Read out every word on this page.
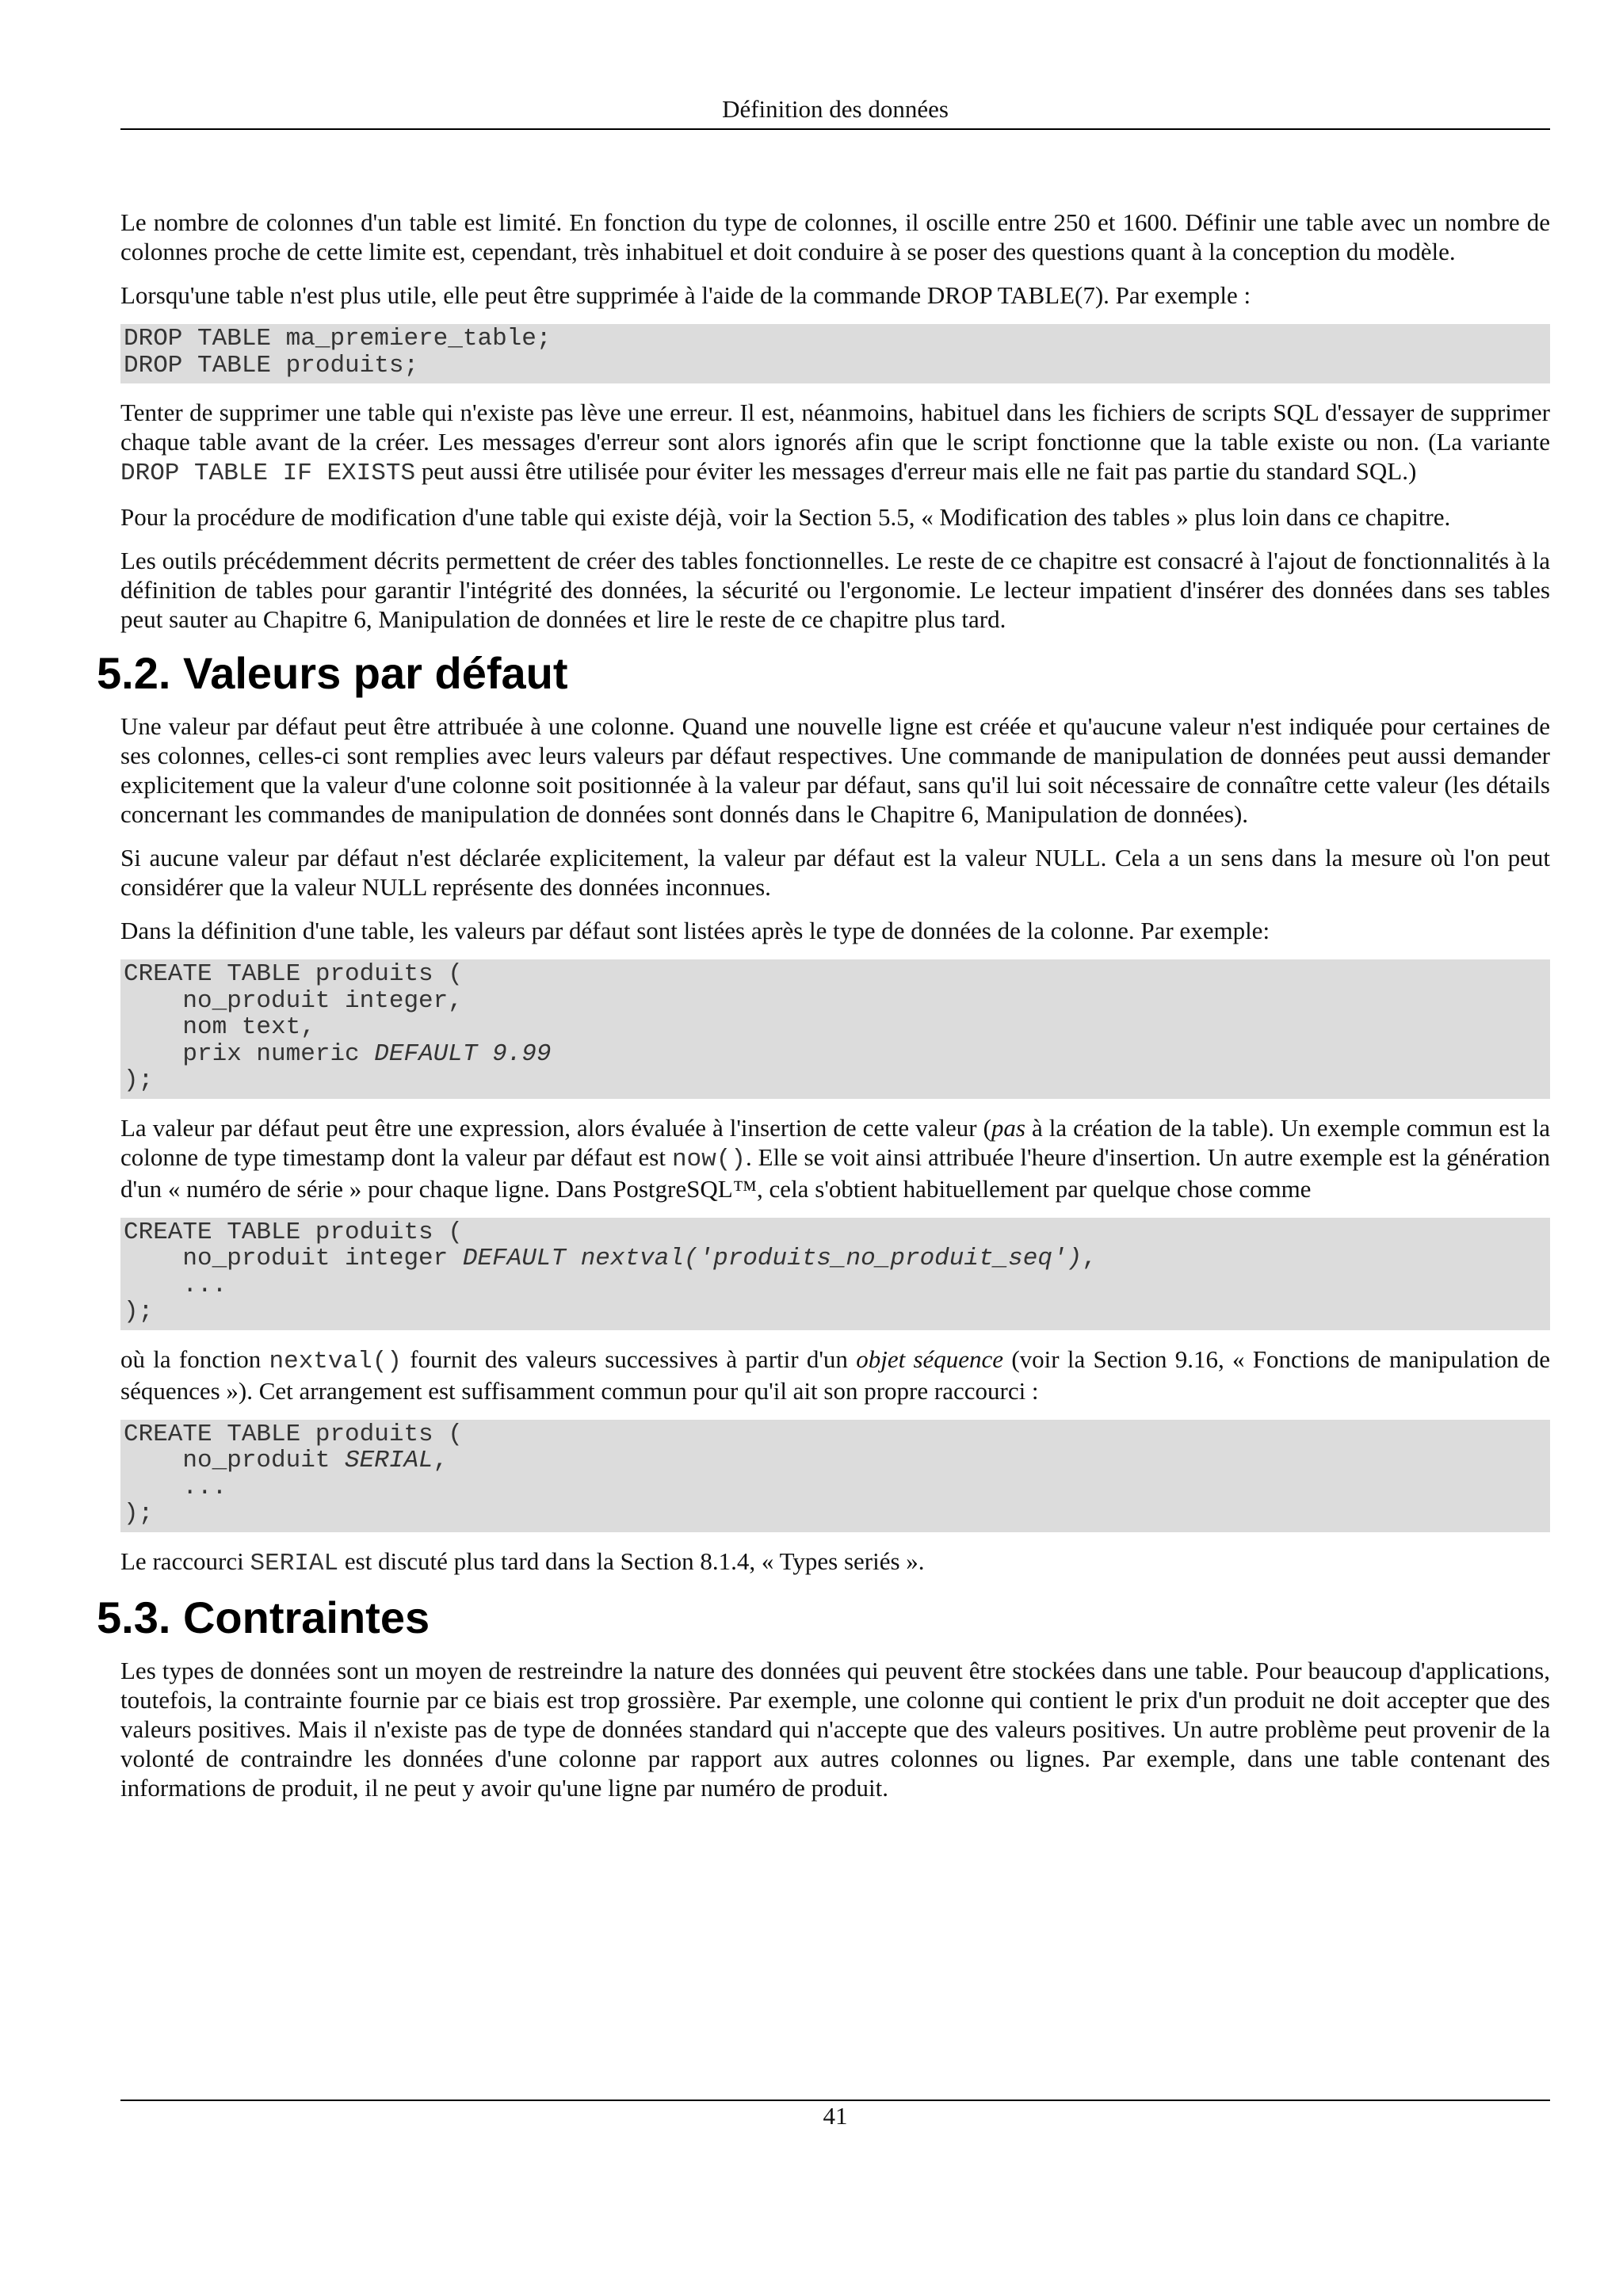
Définition des données

Le nombre de colonnes d'un table est limité. En fonction du type de colonnes, il oscille entre 250 et 1600. Définir une table avec un nombre de colonnes proche de cette limite est, cependant, très inhabituel et doit conduire à se poser des questions quant à la conception du modèle.

Lorsqu'une table n'est plus utile, elle peut être supprimée à l'aide de la commande DROP TABLE(7). Par exemple :

DROP TABLE ma_premiere_table;
DROP TABLE produits;

Tenter de supprimer une table qui n'existe pas lève une erreur. Il est, néanmoins, habituel dans les fichiers de scripts SQL d'essayer de supprimer chaque table avant de la créer. Les messages d'erreur sont alors ignorés afin que le script fonctionne que la table existe ou non. (La variante DROP TABLE IF EXISTS peut aussi être utilisée pour éviter les messages d'erreur mais elle ne fait pas partie du standard SQL.)

Pour la procédure de modification d'une table qui existe déjà, voir la Section 5.5, « Modification des tables » plus loin dans ce chapitre.

Les outils précédemment décrits permettent de créer des tables fonctionnelles. Le reste de ce chapitre est consacré à l'ajout de fonctionnalités à la définition de tables pour garantir l'intégrité des données, la sécurité ou l'ergonomie. Le lecteur impatient d'insérer des données dans ses tables peut sauter au Chapitre 6, Manipulation de données et lire le reste de ce chapitre plus tard.

5.2. Valeurs par défaut

Une valeur par défaut peut être attribuée à une colonne. Quand une nouvelle ligne est créée et qu'aucune valeur n'est indiquée pour certaines de ses colonnes, celles-ci sont remplies avec leurs valeurs par défaut respectives. Une commande de manipulation de données peut aussi demander explicitement que la valeur d'une colonne soit positionnée à la valeur par défaut, sans qu'il lui soit nécessaire de connaître cette valeur (les détails concernant les commandes de manipulation de données sont donnés dans le Chapitre 6, Manipulation de données).

Si aucune valeur par défaut n'est déclarée explicitement, la valeur par défaut est la valeur NULL. Cela a un sens dans la mesure où l'on peut considérer que la valeur NULL représente des données inconnues.

Dans la définition d'une table, les valeurs par défaut sont listées après le type de données de la colonne. Par exemple:

CREATE TABLE produits (
no_produit integer,
nom text,
prix numeric DEFAULT 9.99
);

La valeur par défaut peut être une expression, alors évaluée à l'insertion de cette valeur (pas à la création de la table). Un exemple commun est la colonne de type timestamp dont la valeur par défaut est now(). Elle se voit ainsi attribuée l'heure d'insertion. Un autre exemple est la génération d'un « numéro de série » pour chaque ligne. Dans PostgreSQL™, cela s'obtient habituellement par quelque chose comme

CREATE TABLE produits (
no_produit integer DEFAULT nextval('produits_no_produit_seq'),
...
);

où la fonction nextval() fournit des valeurs successives à partir d'un objet séquence (voir la Section 9.16, « Fonctions de manipulation de séquences »). Cet arrangement est suffisamment commun pour qu'il ait son propre raccourci :

CREATE TABLE produits (
no_produit SERIAL,
...
);

Le raccourci SERIAL est discuté plus tard dans la Section 8.1.4, « Types seriés ».

5.3. Contraintes

Les types de données sont un moyen de restreindre la nature des données qui peuvent être stockées dans une table. Pour beaucoup d'applications, toutefois, la contrainte fournie par ce biais est trop grossière. Par exemple, une colonne qui contient le prix d'un produit ne doit accepter que des valeurs positives. Mais il n'existe pas de type de données standard qui n'accepte que des valeurs positives. Un autre problème peut provenir de la volonté de contraindre les données d'une colonne par rapport aux autres colonnes ou lignes. Par exemple, dans une table contenant des informations de produit, il ne peut y avoir qu'une ligne par numéro de produit.

41
